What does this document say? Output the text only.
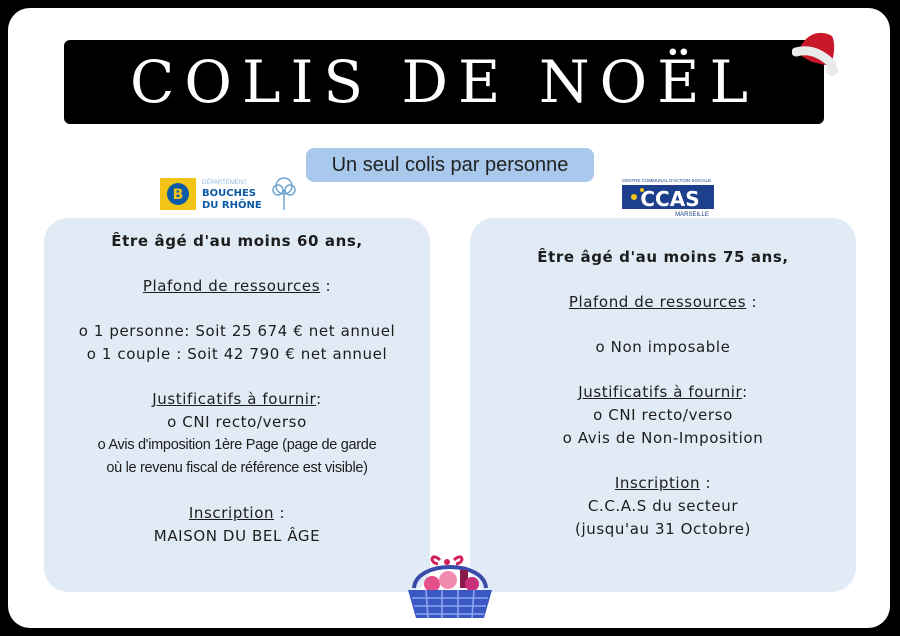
COLIS DE NOËL
Un seul colis par personne
B
DÉPARTEMENT
BOUCHES
DU RHÔNE
CENTRE COMMUNAL D'ACTION SOCIALE
CCAS
MARSEILLE
Être âgé d'au moins 60 ans,
Plafond de ressources :
o 1 personne: Soit 25 674 € net annuel
o 1 couple : Soit 42 790 € net annuel
Justificatifs à fournir:
o CNI recto/verso
o Avis d'imposition 1ère Page (page de garde
où le revenu fiscal de référence est visible)
Inscription :
MAISON DU BEL ÂGE
Être âgé d'au moins 75 ans,
Plafond de ressources :
o Non imposable
Justificatifs à fournir:
o CNI recto/verso
o Avis de Non-Imposition
Inscription :
C.C.A.S du secteur
(jusqu'au 31 Octobre)
